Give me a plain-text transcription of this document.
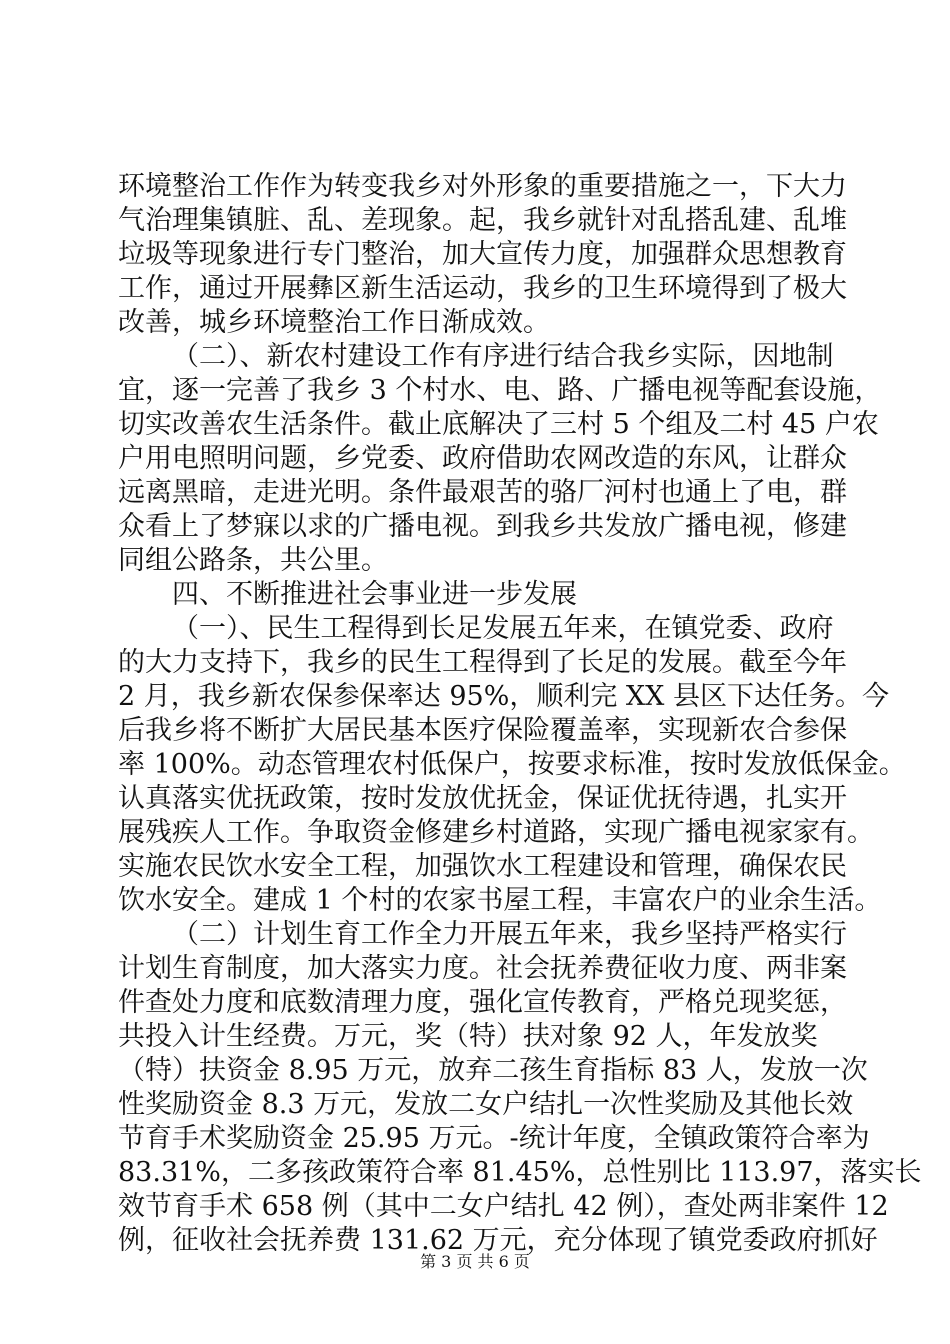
环境整治工作作为转变我乡对外形象的重要措施之一，下大力
气治理集镇脏、乱、差现象。起，我乡就针对乱搭乱建、乱堆
垃圾等现象进行专门整治，加大宣传力度，加强群众思想教育
工作，通过开展彝区新生活运动，我乡的卫生环境得到了极大
改善，城乡环境整治工作日渐成效。
（二）、新农村建设工作有序进行结合我乡实际，因地制
宜，逐一完善了我乡 3 个村水、电、路、广播电视等配套设施，
切实改善农生活条件。截止底解决了三村 5 个组及二村 45 户农
户用电照明问题，乡党委、政府借助农网改造的东风，让群众
远离黑暗，走进光明。条件最艰苦的骆厂河村也通上了电，群
众看上了梦寐以求的广播电视。到我乡共发放广播电视，修建
同组公路条，共公里。
四、不断推进社会事业进一步发展
（一）、民生工程得到长足发展五年来，在镇党委、政府
的大力支持下，我乡的民生工程得到了长足的发展。截至今年
2 月，我乡新农保参保率达 95%，顺利完 XX 县区下达任务。今
后我乡将不断扩大居民基本医疗保险覆盖率，实现新农合参保
率 100%。动态管理农村低保户，按要求标准，按时发放低保金。
认真落实优抚政策，按时发放优抚金，保证优抚待遇，扎实开
展残疾人工作。争取资金修建乡村道路，实现广播电视家家有。
实施农民饮水安全工程，加强饮水工程建设和管理，确保农民
饮水安全。建成 1 个村的农家书屋工程，丰富农户的业余生活。
（二）计划生育工作全力开展五年来，我乡坚持严格实行
计划生育制度，加大落实力度。社会抚养费征收力度、两非案
件查处力度和底数清理力度，强化宣传教育，严格兑现奖惩，
共投入计生经费。万元，奖（特）扶对象 92 人，年发放奖
（特）扶资金 8.95 万元，放弃二孩生育指标 83 人，发放一次
性奖励资金 8.3 万元，发放二女户结扎一次性奖励及其他长效
节育手术奖励资金 25.95 万元。-统计年度，全镇政策符合率为
83.31%，二多孩政策符合率 81.45%，总性别比 113.97，落实长
效节育手术 658 例（其中二女户结扎 42 例），查处两非案件 12
例，征收社会抚养费 131.62 万元，充分体现了镇党委政府抓好
第 3 页 共 6 页
